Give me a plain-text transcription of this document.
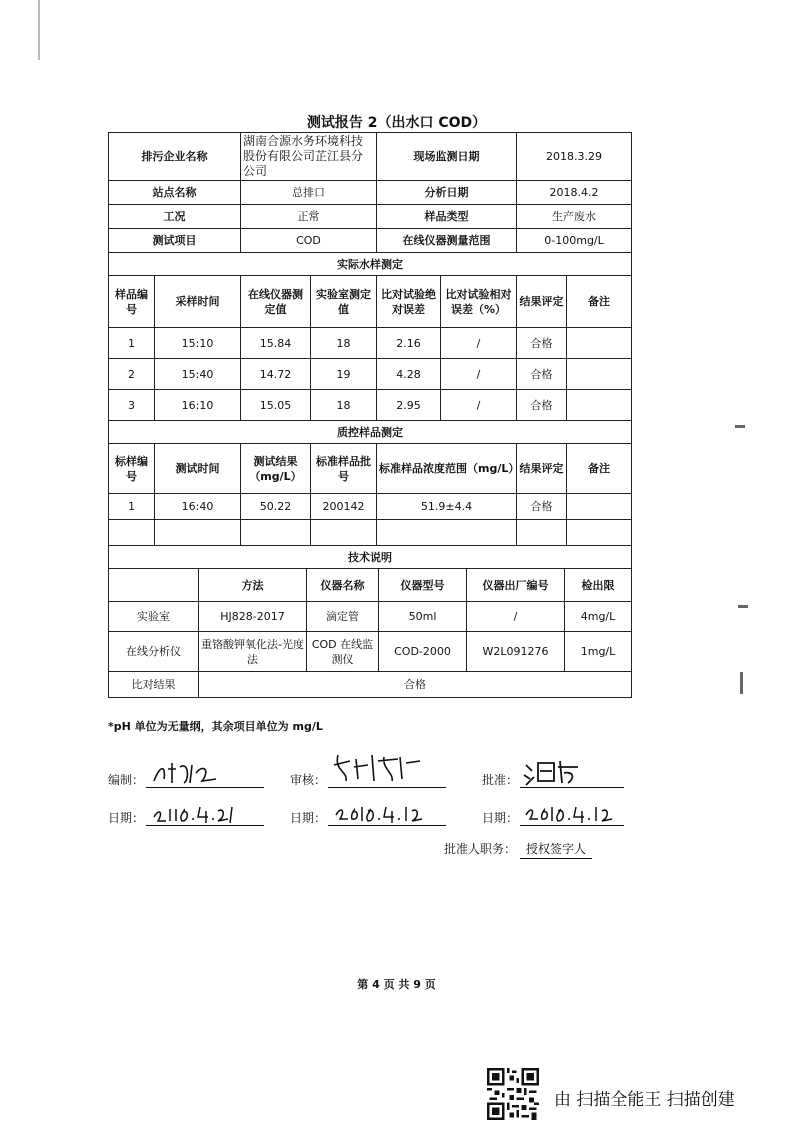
测试报告 2（出水口 COD）
排污企业名称		湖南合源水务环境科技股份有限公司芷江县分公司		现场监测日期		2018.3.29	
站点名称		总排口		分析日期		2018.4.2	
工况		正常		样品类型		生产废水	
测试项目		COD		在线仪器测量范围		0-100mg/L	
实际水样测定							
样品编号	采样时间	在线仪器测定值	实验室测定值	比对试验绝对误差	比对试验相对误差（%）	结果评定	备注
1	15:10	15.84	18	2.16	/	合格	
2	15:40	14.72	19	4.28	/	合格	
3	16:10	15.05	18	2.95	/	合格	
质控样品测定							
标样编号	测试时间	测试结果（mg/L）	标准样品批号	标准样品浓度范围（mg/L）		结果评定	备注
1	16:40	50.22	200142	51.9±4.4		合格	

技术说明							
	方法	仪器名称	仪器型号	仪器出厂编号	检出限
实验室	HJ828-2017	滴定管	50ml	/	4mg/L
在线分析仪	重铬酸钾氧化法-光度法	COD 在线监测仪	COD-2000	W2L091276	1mg/L
比对结果	合格				
*pH 单位为无量纲，其余项目单位为 mg/L
编制：	审核：	批准：
日期：	日期：	日期：
批准人职务： 授权签字人
第 4 页 共 9 页
由 扫描全能王 扫描创建
